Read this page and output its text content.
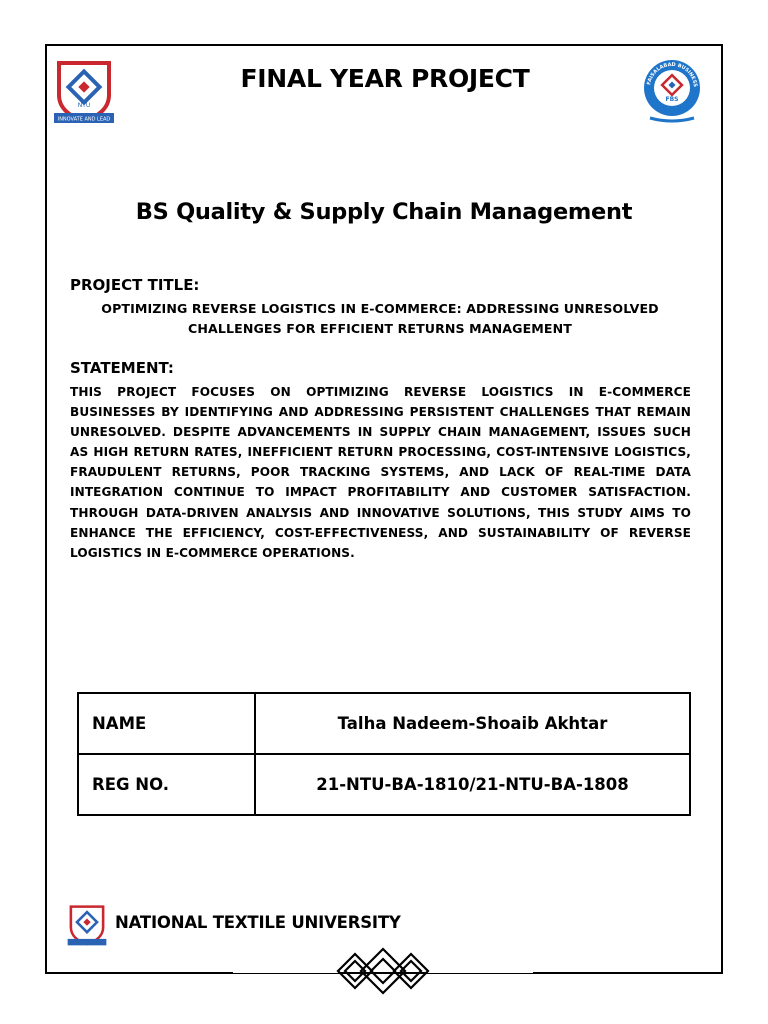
NTU
INNOVATE AND LEAD
FINAL YEAR PROJECT	FAISALABAD BUSINESS
FBS
BS Quality & Supply Chain Management
PROJECT TITLE:
OPTIMIZING REVERSE LOGISTICS IN E-COMMERCE: ADDRESSING UNRESOLVED CHALLENGES FOR EFFICIENT RETURNS MANAGEMENT
STATEMENT:
THIS PROJECT FOCUSES ON OPTIMIZING REVERSE LOGISTICS IN E-COMMERCE BUSINESSES BY IDENTIFYING AND ADDRESSING PERSISTENT CHALLENGES THAT REMAIN UNRESOLVED. DESPITE ADVANCEMENTS IN SUPPLY CHAIN MANAGEMENT, ISSUES SUCH AS HIGH RETURN RATES, INEFFICIENT RETURN PROCESSING, COST-INTENSIVE LOGISTICS, FRAUDULENT RETURNS, POOR TRACKING SYSTEMS, AND LACK OF REAL-TIME DATA INTEGRATION CONTINUE TO IMPACT PROFITABILITY AND CUSTOMER SATISFACTION. THROUGH DATA-DRIVEN ANALYSIS AND INNOVATIVE SOLUTIONS, THIS STUDY AIMS TO ENHANCE THE EFFICIENCY, COST-EFFECTIVENESS, AND SUSTAINABILITY OF REVERSE LOGISTICS IN E-COMMERCE OPERATIONS.
NAME	Talha Nadeem-Shoaib Akhtar
REG NO.	21-NTU-BA-1810/21-NTU-BA-1808
NATIONAL TEXTILE UNIVERSITY
